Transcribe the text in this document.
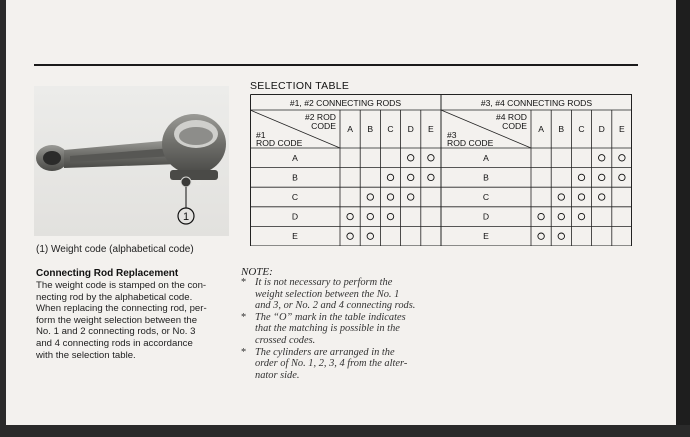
C
1
(1) Weight code (alphabetical code)
Connecting Rod Replacement
The weight code is stamped on the con-
necting rod by the alphabetical code.
When replacing the connecting rod, per-
form the weight selection between the
No. 1 and 2 connecting rods, or No. 3
and 4 connecting rods in accordance
with the selection table.
SELECTION TABLE
#1, #2 CONNECTING RODS
#2 ROD
CODE
#1
ROD CODE
A B C D E
A
B
C
D
E
#3, #4 CONNECTING RODS
#4 ROD
CODE
#3
ROD CODE
A B C D E
A
B
C
D
E
NOTE:
* It is not necessary to perform the
weight selection between the No. 1
and 3, or No. 2 and 4 connecting rods.
* The “O” mark in the table indicates
that the matching is possible in the
crossed codes.
* The cylinders are arranged in the
order of No. 1, 2, 3, 4 from the alter-
nator side.
